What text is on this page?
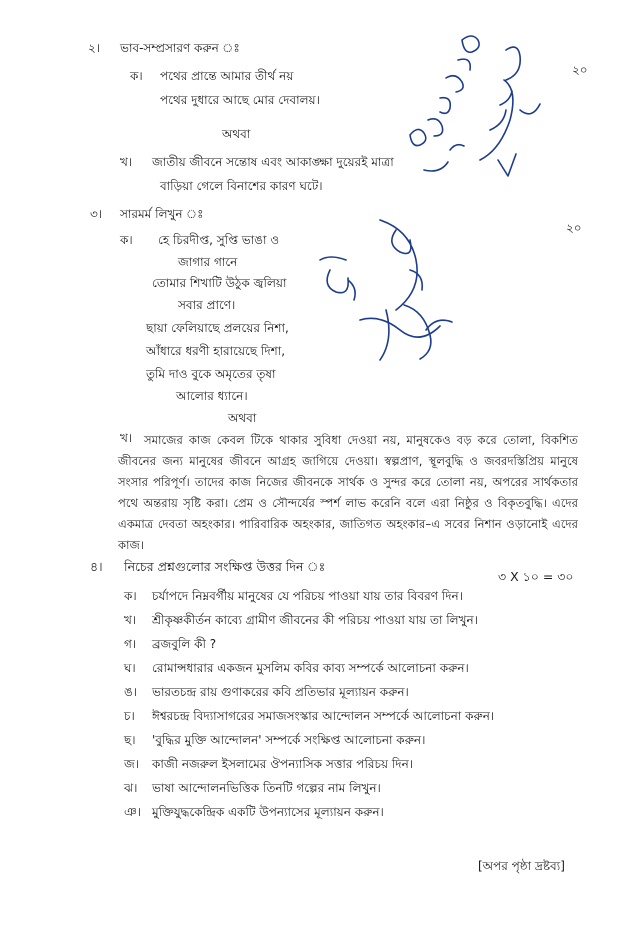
২। ভাব-সম্প্রসারণ করুন ঃ
২০
ক। পথের প্রান্তে আমার তীর্থ নয়
পথের দুধারে আছে মোর দেবালয়।
অথবা
খ। জাতীয় জীবনে সন্তোষ এবং আকাঙ্ক্ষা দুয়েরই মাত্রা
বাড়িয়া গেলে বিনাশের কারণ ঘটে।
৩। সারমর্ম লিখুন ঃ
২০
ক। হে চিরদীপ্ত, সুপ্তি ভাঙা ও
জাগার গানে
তোমার শিখাটি উঠুক জ্বলিয়া
সবার প্রাণে।
ছায়া ফেলিয়াছে প্রলয়ের নিশা,
আঁধারে ধরণী হারায়েছে দিশা,
তুমি দাও বুকে অমৃতের তৃষা
আলোর ধ্যানে।
অথবা
খ।	সমাজের কাজ কেবল টিকে থাকার সুবিধা দেওয়া নয়, মানুষকেও বড় করে তোলা, বিকশিত জীবনের জন্য মানুষের জীবনে আগ্রহ জাগিয়ে দেওয়া। স্বল্পপ্রাণ, স্থূলবুদ্ধি ও জবরদস্তিপ্রিয় মানুষে সংসার পরিপূর্ণ। তাদের কাজ নিজের জীবনকে সার্থক ও সুন্দর করে তোলা নয়, অপরের সার্থকতার পথে অন্তরায় সৃষ্টি করা। প্রেম ও সৌন্দর্যের স্পর্শ লাভ করেনি বলে এরা নিষ্ঠুর ও বিকৃতবুদ্ধি। এদের একমাত্র দেবতা অহংকার। পারিবারিক অহংকার, জাতিগত অহংকার–এ সবের নিশান ওড়ানোই এদের কাজ।
৪। নিচের প্রশ্নগুলোর সংক্ষিপ্ত উত্তর দিন ঃ
৩ X ১০ = ৩০
ক। চর্যাপদে নিম্নবর্গীয় মানুষের যে পরিচয় পাওয়া যায় তার বিবরণ দিন।
খ। শ্রীকৃষ্ণকীর্তন কাব্যে গ্রামীণ জীবনের কী পরিচয় পাওয়া যায় তা লিখুন।
গ। ব্রজবুলি কী ?
ঘ। রোমান্সধারার একজন মুসলিম কবির কাব্য সম্পর্কে আলোচনা করুন।
ঙ। ভারতচন্দ্র রায় গুণাকরের কবি প্রতিভার মূল্যায়ন করুন।
চ। ঈশ্বরচন্দ্র বিদ্যাসাগরের সমাজসংস্কার আন্দোলন সম্পর্কে আলোচনা করুন।
ছ। 'বুদ্ধির মুক্তি আন্দোলন' সম্পর্কে সংক্ষিপ্ত আলোচনা করুন।
জ। কাজী নজরুল ইসলামের ঔপন্যাসিক সত্তার পরিচয় দিন।
ঝ। ভাষা আন্দোলনভিত্তিক তিনটি গল্পের নাম লিখুন।
ঞ। মুক্তিযুদ্ধকেন্দ্রিক একটি উপন্যাসের মূল্যায়ন করুন।
[অপর পৃষ্ঠা দ্রষ্টব্য]
